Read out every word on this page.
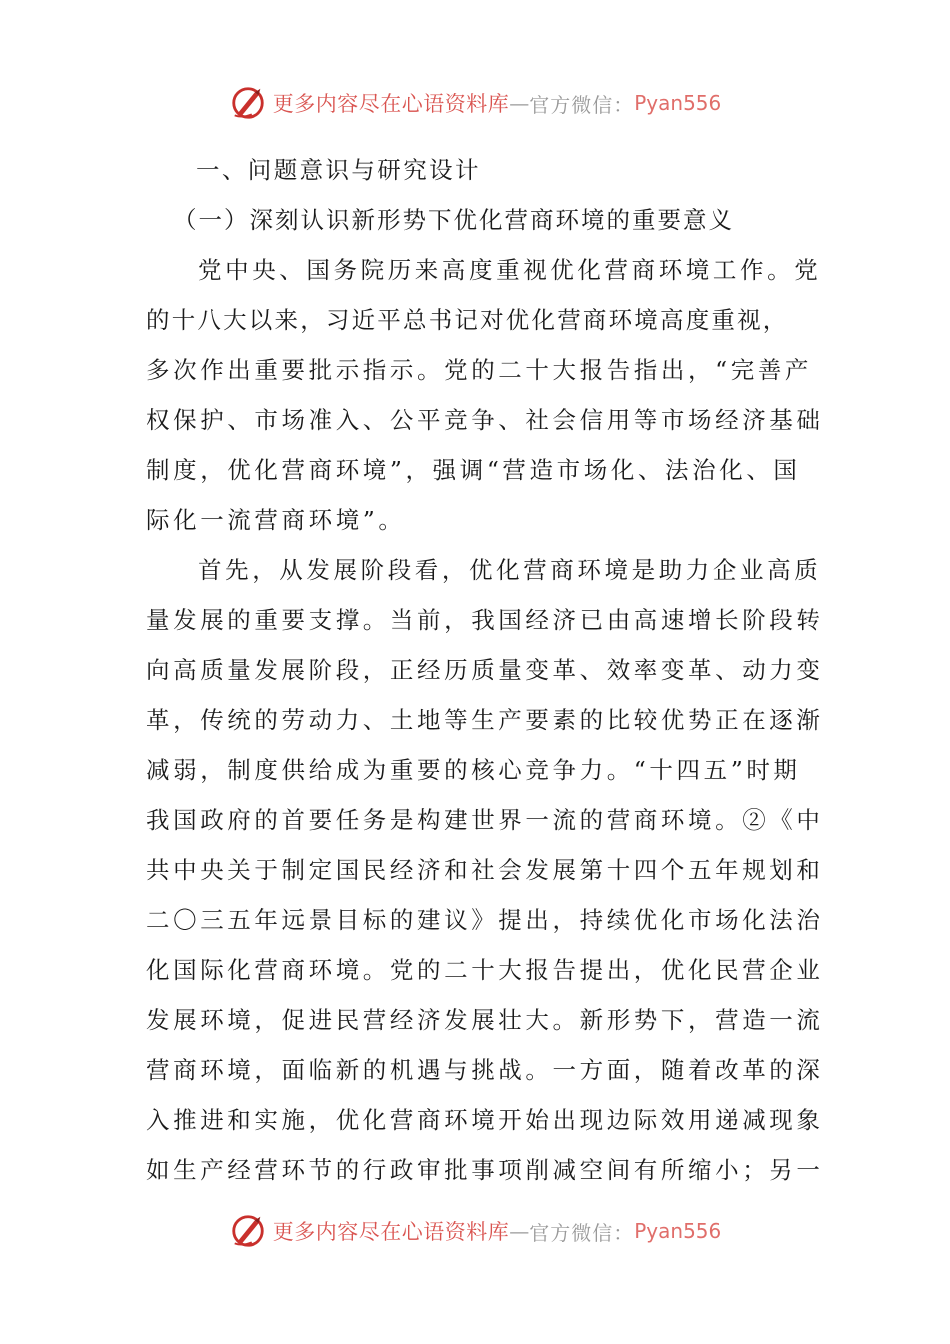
更多内容尽在心语资料库 — 官方微信： Pyan556
一、问题意识与研究设计
（一）深刻认识新形势下优化营商环境的重要意义
党中央、国务院历来高度重视优化营商环境工作。党
的十八大以来，习近平总书记对优化营商环境高度重视，
多次作出重要批示指示。党的二十大报告指出，“完善产
权保护、市场准入、公平竞争、社会信用等市场经济基础
制度，优化营商环境”，强调“营造市场化、法治化、国
际化一流营商环境”。
首先，从发展阶段看，优化营商环境是助力企业高质
量发展的重要支撑。当前，我国经济已由高速增长阶段转
向高质量发展阶段，正经历质量变革、效率变革、动力变
革，传统的劳动力、土地等生产要素的比较优势正在逐渐
减弱，制度供给成为重要的核心竞争力。“十四五”时期
我国政府的首要任务是构建世界一流的营商环境。②《中
共中央关于制定国民经济和社会发展第十四个五年规划和
二〇三五年远景目标的建议》提出，持续优化市场化法治
化国际化营商环境。党的二十大报告提出，优化民营企业
发展环境，促进民营经济发展壮大。新形势下，营造一流
营商环境，面临新的机遇与挑战。一方面，随着改革的深
入推进和实施，优化营商环境开始出现边际效用递减现象
如生产经营环节的行政审批事项削减空间有所缩小；另一
更多内容尽在心语资料库 — 官方微信： Pyan556
